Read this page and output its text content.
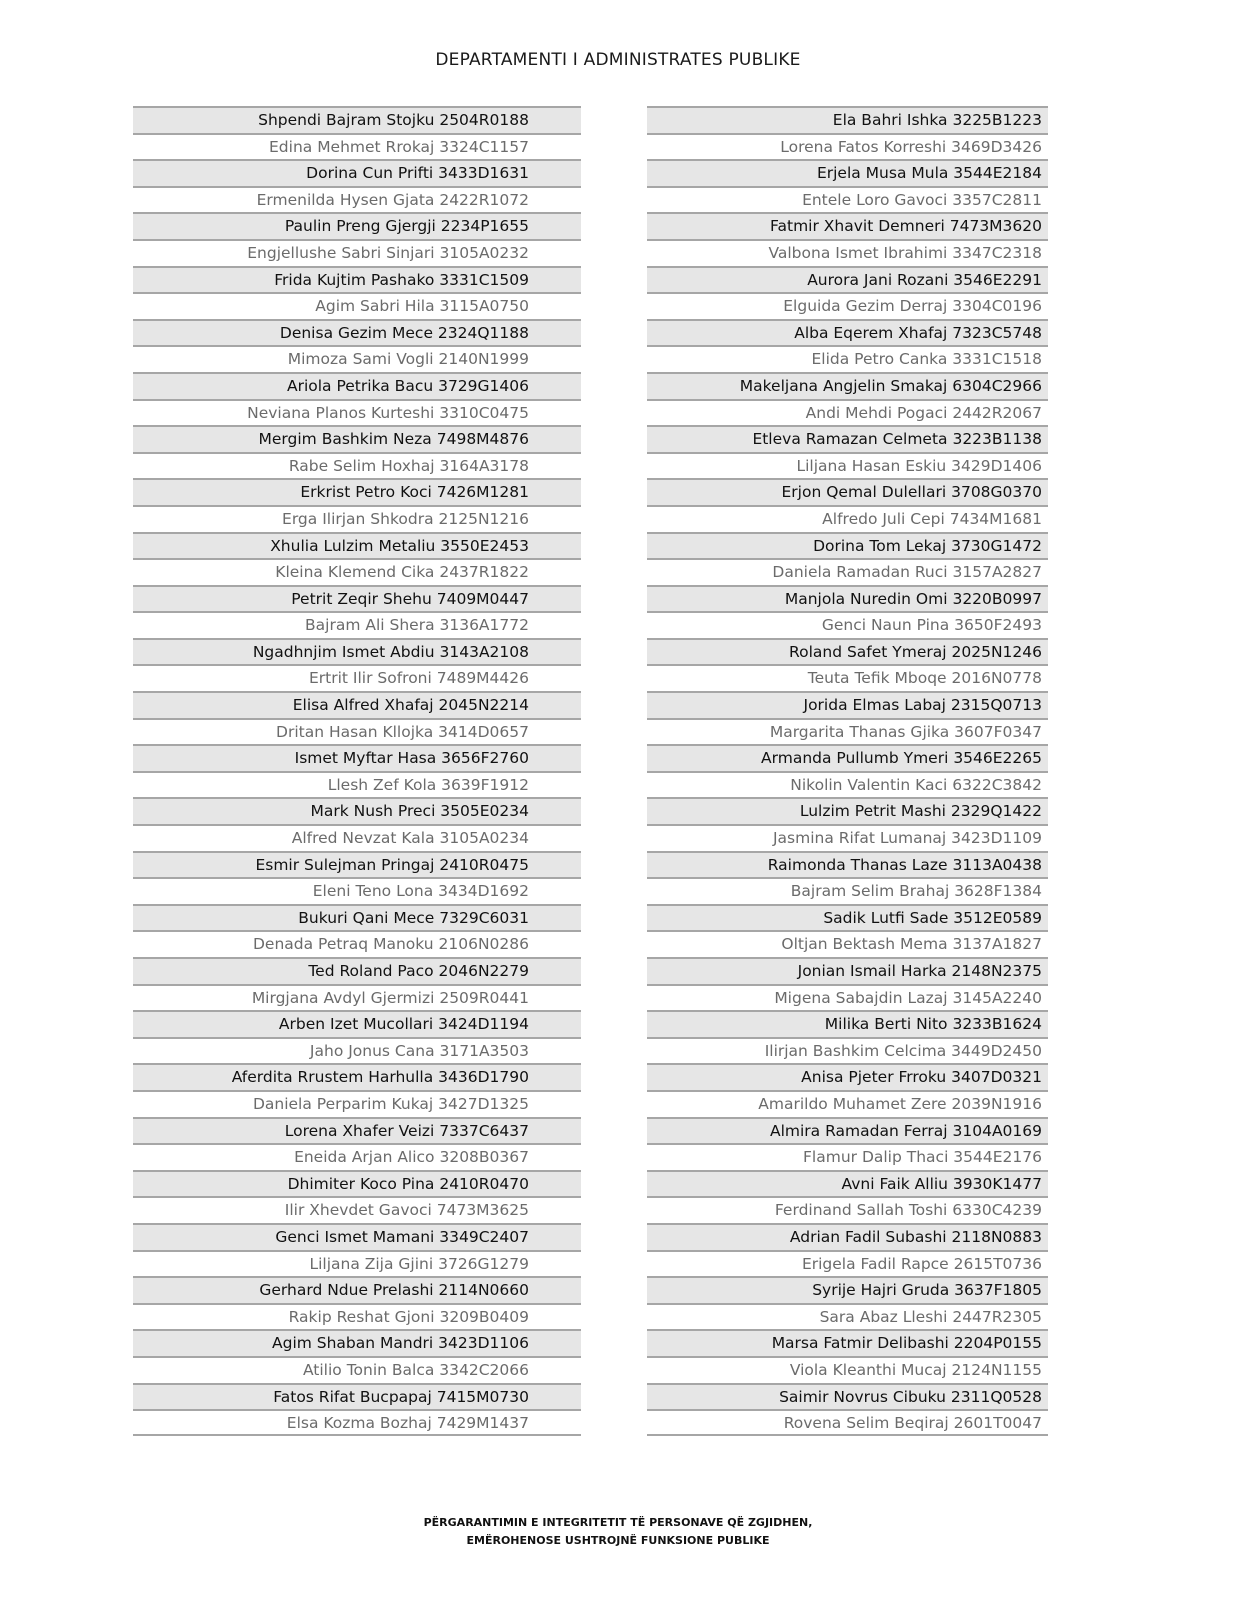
DEPARTAMENTI I ADMINISTRATES PUBLIKE
Shpendi Bajram Stojku 2504R0188
Edina Mehmet Rrokaj 3324C1157
Dorina Cun Prifti 3433D1631
Ermenilda Hysen Gjata 2422R1072
Paulin Preng Gjergji 2234P1655
Engjellushe Sabri Sinjari 3105A0232
Frida Kujtim Pashako 3331C1509
Agim Sabri Hila 3115A0750
Denisa Gezim Mece 2324Q1188
Mimoza Sami Vogli 2140N1999
Ariola Petrika Bacu 3729G1406
Neviana Planos Kurteshi 3310C0475
Mergim Bashkim Neza 7498M4876
Rabe Selim Hoxhaj 3164A3178
Erkrist Petro Koci 7426M1281
Erga Ilirjan Shkodra 2125N1216
Xhulia Lulzim Metaliu 3550E2453
Kleina Klemend Cika 2437R1822
Petrit Zeqir Shehu 7409M0447
Bajram Ali Shera 3136A1772
Ngadhnjim Ismet Abdiu 3143A2108
Ertrit Ilir Sofroni 7489M4426
Elisa Alfred Xhafaj 2045N2214
Dritan Hasan Kllojka 3414D0657
Ismet Myftar Hasa 3656F2760
Llesh Zef Kola 3639F1912
Mark Nush Preci 3505E0234
Alfred Nevzat Kala 3105A0234
Esmir Sulejman Pringaj 2410R0475
Eleni Teno Lona 3434D1692
Bukuri Qani Mece 7329C6031
Denada Petraq Manoku 2106N0286
Ted Roland Paco 2046N2279
Mirgjana Avdyl Gjermizi 2509R0441
Arben Izet Mucollari 3424D1194
Jaho Jonus Cana 3171A3503
Aferdita Rrustem Harhulla 3436D1790
Daniela Perparim Kukaj 3427D1325
Lorena Xhafer Veizi 7337C6437
Eneida Arjan Alico 3208B0367
Dhimiter Koco Pina 2410R0470
Ilir Xhevdet Gavoci 7473M3625
Genci Ismet Mamani 3349C2407
Liljana Zija Gjini 3726G1279
Gerhard Ndue Prelashi 2114N0660
Rakip Reshat Gjoni 3209B0409
Agim Shaban Mandri 3423D1106
Atilio Tonin Balca 3342C2066
Fatos Rifat Bucpapaj 7415M0730
Elsa Kozma Bozhaj 7429M1437
Ela Bahri Ishka 3225B1223
Lorena Fatos Korreshi 3469D3426
Erjela Musa Mula 3544E2184
Entele Loro Gavoci 3357C2811
Fatmir Xhavit Demneri 7473M3620
Valbona Ismet Ibrahimi 3347C2318
Aurora Jani Rozani 3546E2291
Elguida Gezim Derraj 3304C0196
Alba Eqerem Xhafaj 7323C5748
Elida Petro Canka 3331C1518
Makeljana Angjelin Smakaj 6304C2966
Andi Mehdi Pogaci 2442R2067
Etleva Ramazan Celmeta 3223B1138
Liljana Hasan Eskiu 3429D1406
Erjon Qemal Dulellari 3708G0370
Alfredo Juli Cepi 7434M1681
Dorina Tom Lekaj 3730G1472
Daniela Ramadan Ruci 3157A2827
Manjola Nuredin Omi 3220B0997
Genci Naun Pina 3650F2493
Roland Safet Ymeraj 2025N1246
Teuta Tefik Mboqe 2016N0778
Jorida Elmas Labaj 2315Q0713
Margarita Thanas Gjika 3607F0347
Armanda Pullumb Ymeri 3546E2265
Nikolin Valentin Kaci 6322C3842
Lulzim Petrit Mashi 2329Q1422
Jasmina Rifat Lumanaj 3423D1109
Raimonda Thanas Laze 3113A0438
Bajram Selim Brahaj 3628F1384
Sadik Lutfi Sade 3512E0589
Oltjan Bektash Mema 3137A1827
Jonian Ismail Harka 2148N2375
Migena Sabajdin Lazaj 3145A2240
Milika Berti Nito 3233B1624
Ilirjan Bashkim Celcima 3449D2450
Anisa Pjeter Frroku 3407D0321
Amarildo Muhamet Zere 2039N1916
Almira Ramadan Ferraj 3104A0169
Flamur Dalip Thaci 3544E2176
Avni Faik Alliu 3930K1477
Ferdinand Sallah Toshi 6330C4239
Adrian Fadil Subashi 2118N0883
Erigela Fadil Rapce 2615T0736
Syrije Hajri Gruda 3637F1805
Sara Abaz Lleshi 2447R2305
Marsa Fatmir Delibashi 2204P0155
Viola Kleanthi Mucaj 2124N1155
Saimir Novrus Cibuku 2311Q0528
Rovena Selim Beqiraj 2601T0047
PËRGARANTIMIN E INTEGRITETIT TË PERSONAVE QË ZGJIDHEN,
EMËROHENOSE USHTROJNË FUNKSIONE PUBLIKE
